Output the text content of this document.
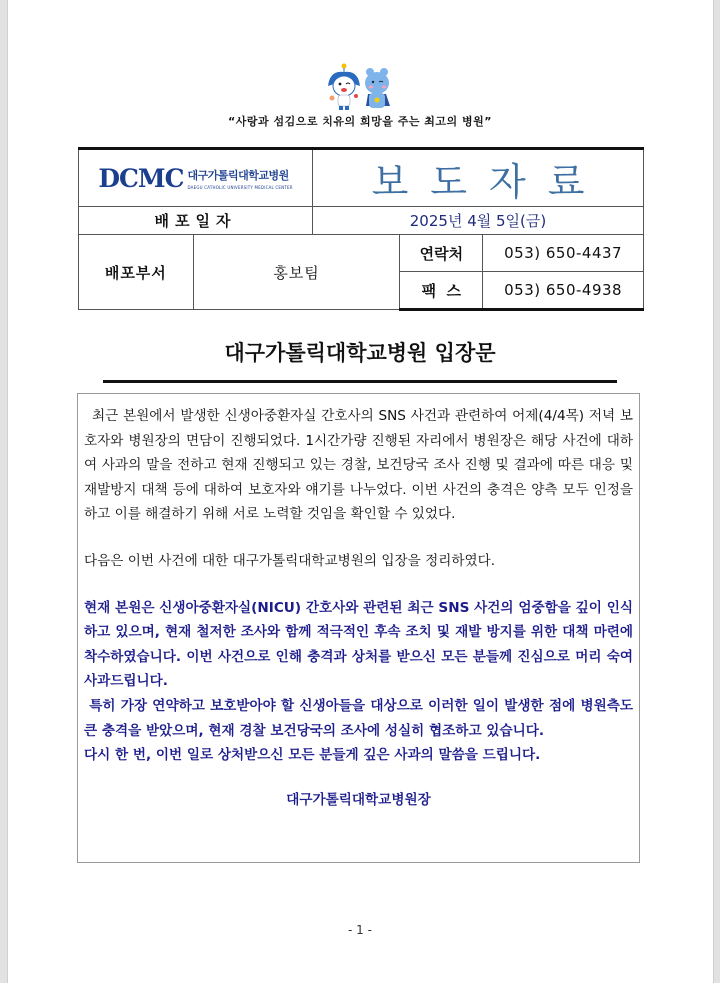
“사랑과 섬김으로 치유의 희망을 주는 최고의 병원”
DCMC 대구가톨릭대학교병원
DAEGU CATHOLIC UNIVERSITY MEDICAL CENTER		보도자료		
배포일자		2025년 4월 5일(금)		
배포부서	홍보팀		연락처	053) 650-4437
			팩  스	053) 650-4938
대구가톨릭대학교병원 입장문

최근 본원에서 발생한 신생아중환자실 간호사의 SNS 사건과 관련하여 어제(4/4목) 저녁 보호자와 병원장의 면담이 진행되었다. 1시간가량 진행된 자리에서 병원장은 해당 사건에 대하여 사과의 말을 전하고 현재 진행되고 있는 경찰, 보건당국 조사 진행 및 결과에 따른 대응 및 재발방지 대책 등에 대하여 보호자와 얘기를 나누었다. 이번 사건의 충격은 양측 모두 인정을 하고 이를 해결하기 위해 서로 노력할 것임을 확인할 수 있었다.

다음은 이번 사건에 대한 대구가톨릭대학교병원의 입장을 정리하였다.

현재 본원은 신생아중환자실(NICU) 간호사와 관련된 최근 SNS 사건의 엄중함을 깊이 인식하고 있으며, 현재 철저한 조사와 함께 적극적인 후속 조치 및 재발 방지를 위한 대책 마련에 착수하였습니다. 이번 사건으로 인해 충격과 상처를 받으신 모든 분들께 진심으로 머리 숙여 사과드립니다.

특히 가장 연약하고 보호받아야 할 신생아들을 대상으로 이러한 일이 발생한 점에 병원측도 큰 충격을 받았으며, 현재 경찰 보건당국의 조사에 성실히 협조하고 있습니다.

다시 한 번, 이번 일로 상처받으신 모든 분들게 깊은 사과의 말씀을 드립니다.

대구가톨릭대학교병원장
- 1 -
